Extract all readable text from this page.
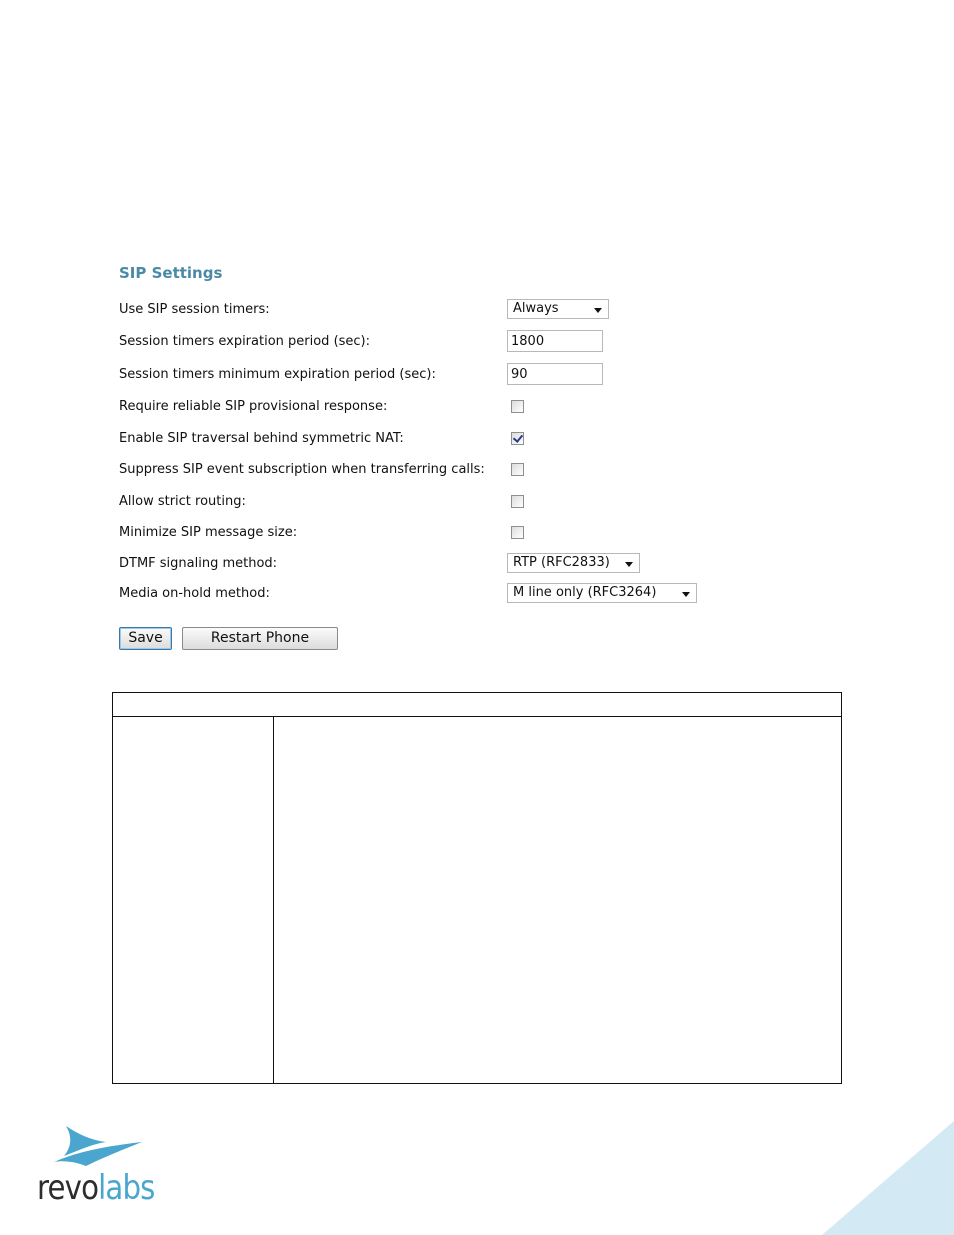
SIP Settings
Use SIP session timers:	Always
Session timers expiration period (sec):
1800
Session timers minimum expiration period (sec):
90
Require reliable SIP provisional response:
Enable SIP traversal behind symmetric NAT:
Suppress SIP event subscription when transferring calls:
Allow strict routing:
Minimize SIP message size:
DTMF signaling method:	RTP (RFC2833)
Media on-hold method:	M line only (RFC3264)
Save	Restart Phone
revolabs
